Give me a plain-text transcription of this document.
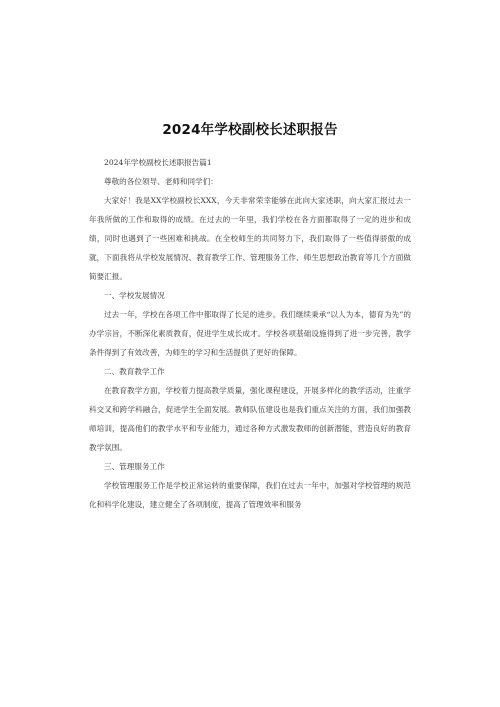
2024年学校副校长述职报告

2024年学校副校长述职报告篇1

尊敬的各位领导、老师和同学们：

大家好！我是XX学校副校长XXX，今天非常荣幸能够在此向大家述职，向大家汇报过去一年我所做的工作和取得的成绩。在过去的一年里，我们学校在各方面都取得了一定的进步和成绩，同时也遇到了一些困难和挑战。在全校师生的共同努力下，我们取得了一些值得骄傲的成就，下面我将从学校发展情况、教育教学工作、管理服务工作、师生思想政治教育等几个方面做简要汇报。

一、学校发展情况

过去一年，学校在各项工作中都取得了长足的进步。我们继续秉承“以人为本，德育为先”的办学宗旨，不断深化素质教育，促进学生成长成才。学校各项基础设施得到了进一步完善，教学条件得到了有效改善，为师生的学习和生活提供了更好的保障。

二、教育教学工作

在教育教学方面，学校着力提高教学质量，强化课程建设，开展多样化的教学活动，注重学科交叉和跨学科融合，促进学生全面发展。教师队伍建设也是我们重点关注的方面，我们加强教师培训，提高他们的教学水平和专业能力，通过各种方式激发教师的创新潜能，营造良好的教育教学氛围。

三、管理服务工作

学校管理服务工作是学校正常运转的重要保障，我们在过去一年中，加强对学校管理的规范化和科学化建设，建立健全了各项制度，提高了管理效率和服务
